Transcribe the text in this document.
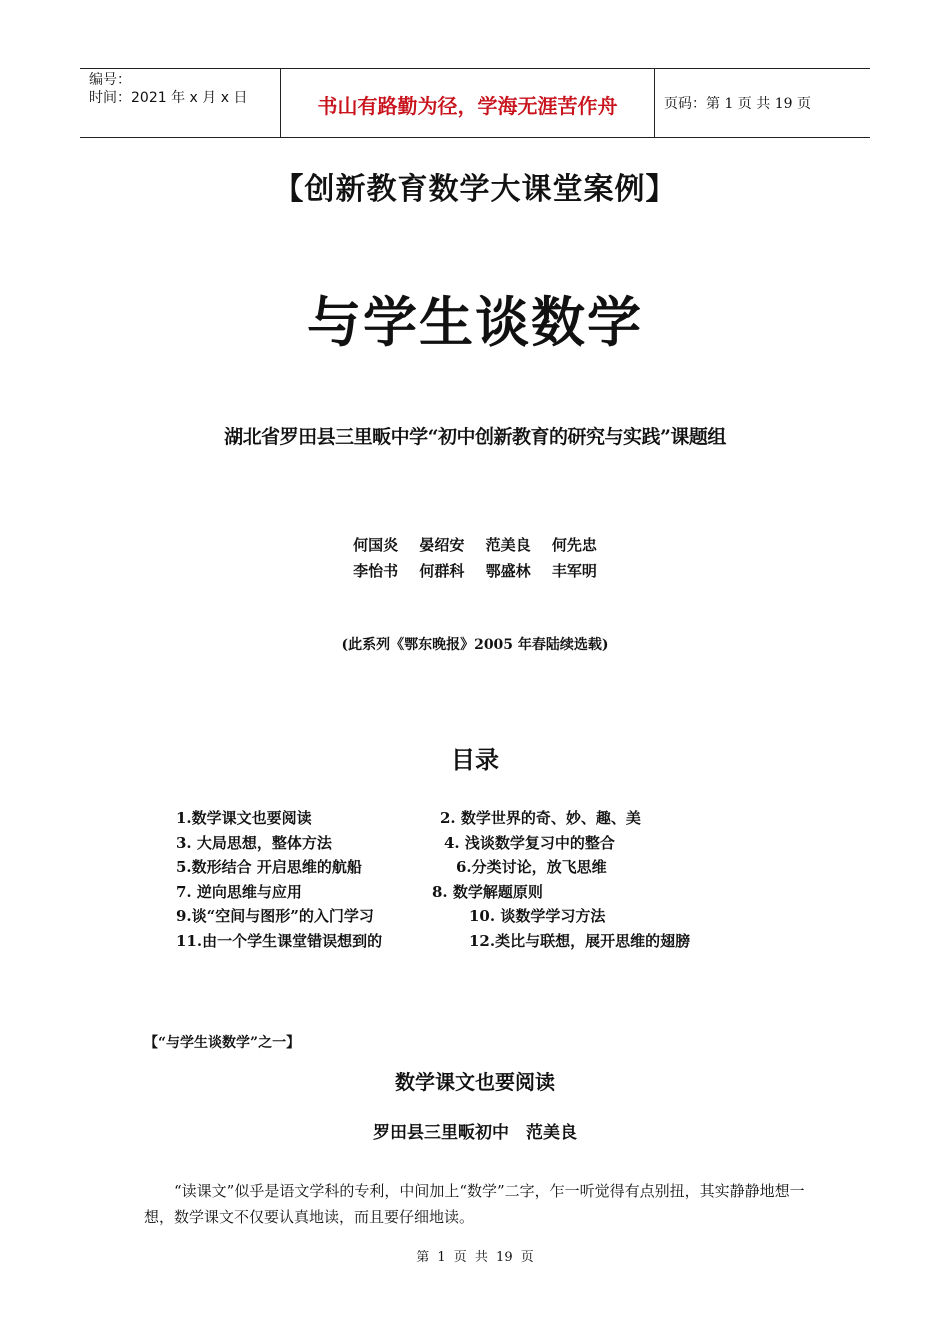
编号：
时间：2021 年 x 月 x 日	书山有路勤为径，学海无涯苦作舟	页码：第 1 页 共 19 页
【创新教育数学大课堂案例】
与学生谈数学
湖北省罗田县三里畈中学“初中创新教育的研究与实践”课题组
何国炎 晏绍安 范美良 何先忠
李怡书 何群科 鄂盛林 丰军明
(此系列《鄂东晚报》2005 年春陆续选载)
目录
1.数学课文也要阅读	2. 数学世界的奇、妙、趣、美
3. 大局思想，整体方法	4. 浅谈数学复习中的整合
5.数形结合 开启思维的航船	6.分类讨论，放飞思维
7. 逆向思维与应用	8. 数学解题原则
9.谈“空间与图形”的入门学习	10. 谈数学学习方法
11.由一个学生课堂错误想到的	12.类比与联想，展开思维的翅膀
【“与学生谈数学”之一】
数学课文也要阅读
罗田县三里畈初中　范美良
“读课文”似乎是语文学科的专利，中间加上“数学”二字，乍一听觉得有点别扭，其实静静地想一想，数学课文不仅要认真地读，而且要仔细地读。
第 1 页 共 19 页
